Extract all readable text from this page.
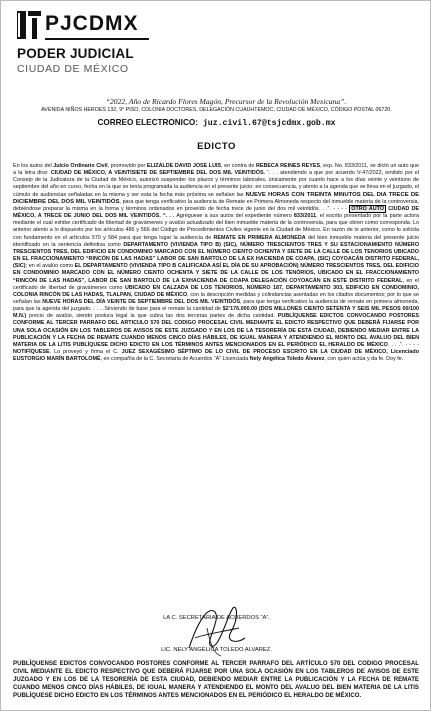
PJCDMX
PODER JUDICIAL
CIUDAD DE MÉXICO
“2022, Año de Ricardo Flores Magón, Precursor de la Revolución Mexicana”.
AVENIDA NIÑOS HEROES 132, 9° PISO, COLONIA DOCTORES, DELEGACIÓN CUAUHTEMOC, CIUDAD DE MÉXICO, CÓDIGO POSTAL 06720.
CORREO ELECTRONICO: juz.civil.67@tsjcdmx.gob.mx
EDICTO
En los autos del Juicio Ordinario Civil, promovido por ELIZALDE DAVID JOSE LUIS, en contra de REBECA REINES REYES, exp. No. 833/2011, se dictó un auto que a la letra dice: CIUDAD DE MÉXICO, A VEINTISIETE DE SEPTIEMBRE DEL DOS MIL VEINTIDÓS. “. . . atendiendo a que por acuerdo V-47/2022, emitido por el Consejo de la Judicatura de la Ciudad de México, autorizó suspender los plazos y términos laborales, únicamente por cuanto hace a los días veinte y veintiuno de septiembre del año en curso, fecha en la que se tenía programada la audiencia en el presente juicio; en consecuencia, y atento a la agenda que se lleva en el juzgado, el cúmulo de audiencias señaladas en la misma y ser esta la fecha más próxima se señalan las NUEVE HORAS CON TREINTA MINUTOS DEL DIA TRECE DE DICIEMBRE DEL DOS MIL VEINTIDÓS, para que tenga verificativo la audiencia de Remate en Primera Almoneda respecto del inmueble materia de la controversia, debiéndose preparar la misma en la forma y términos ordenados en proveído de fecha trece de junio del dos mil veintidós. . .”. - - - - OTRO AUTO CIUDAD DE MÉXICO, A TRECE DE JUNIO DEL DOS MIL VEINTIDÓS. “. . . Agréguese a sus autos del expediente número 833/2011, el escrito presentado por la parte actora mediante el cual exhibe certificado de libertad de gravámenes y avalúo actualizado del bien inmueble materia de la controversia, para que obren como corresponda. Lo anterior atento a lo dispuesto por los artículos 486 y 566 del Código de Procedimientos Civiles vigente en la Ciudad de México. En razón de lo anterior, como lo solicita con fundamento en el artículos 570 y 584 para que tenga lugar la audiencia de REMATE EN PRIMERA ALMONEDA del bien inmueble materia del presente juicio identificado en la sentencia definitiva como DEPARTAMENTO (VIVIENDA TIPO B) (SIC), NÚMERO TRESCIENTOS TRES Y SU ESTACIONAMIENTO NÚMERO TRESCIENTOS TRES, DEL EDIFICIO EN CONDOMINIO MARCADO CON EL NÚMERO CIENTO OCHENTA Y SIETE DE LA CALLE DE LOS TENORIOS UBICADO EN EL FRACCIONAMIENTO “RINCÓN DE LAS HADAS” LABOR DE SAN BARTOLO DE LA EX HACIENDA DE COAPA, (SIC) COYOACÁN DISTRITO FEDERAL, (SIC); en el avalúo como EL DEPARTAMENTO (VIVIENDA TIPO B CALIFICADA ASÍ EL DÍA DE SU APROBACIÓN) NÚMERO TRESCIENTOS TRES, DEL EDIFICIO EN CONDOMINIO MARCADO CON EL NÚMERO CIENTO OCHENTA Y SIETE DE LA CALLE DE LOS TENÓRIOS, UBICADO EN EL FRACCIONAMIENTO “RINCÓN DE LAS HADAS”, LABOR DE SAN BARTOLO DE LA EXHACIENDA DE COAPA DELEGACIÓN COYOACÁN EN ESTE DISTRITO FEDERAL, en el certificado de libertad de gravámenes como UBICADO EN CALZADA DE LOS TENORIOS, NÚMERO 187, DEPARTAMENTO 303, EDIFICIO EN CONDOMINIO, COLONIA RINCÓN DE LAS HADAS, TLALPAN, CIUDAD DE MÉXICO, con la descripción medidas y colindancias asentadas en los citados documentos; por lo que se señalan las NUEVE HORAS DEL DÍA VEINTE DE SEPTIEMBRE DEL DOS MIL VEINTIDÓS, para que tenga verificativo la audiencia de remate en primera almoneda, para que la agenda del juzgado. . . . .Sirviendo de base para el remate la cantidad de $2’176,000.00 (DOS MILLONES CIENTO SETENTA Y SEIS MIL PESOS 00/100 M.N.) precio de avalúo, siendo postura legal la que cubra las dos terceras partes de dicha cantidad. PUBLÍQUENSE EDICTOS CONVOCANDO POSTORES CONFORME AL TERCER PARRAFO DEL ARTICULO 570 DEL CODIGO PROCESAL CIVIL MEDIANTE EL EDICTO RESPECTIVO QUE DEBERÁ FIJARSE POR UNA SOLA OCASIÓN EN LOS TABLEROS DE AVISOS DE ESTE JUZGADO Y EN LOS DE LA TESORERÍA DE ESTA CIUDAD, DEBIENDO MEDIAR ENTRE LA PUBLICACIÓN Y LA FECHA DE REMATE CUANDO MENOS CINCO DÍAS HÁBILES, DE IGUAL MANERA Y ATENDIENDO EL MONTO DEL AVALUO DEL BIEN MATERIA DE LA LITIS PUBLÍQUESE DICHO EDICTO EN LOS TÉRMINOS ANTES MENCIONADOS EN EL PERIÓDICO EL HERALDO DE MÉXICO. . . .”. - - - - NOTIFÍQUESE. Lo proveyó y firma el C. JUEZ SEXAGÉSIMO SÉPTIMO DE LO CIVIL DE PROCESO ESCRITO EN LA CIUDAD DE MÉXICO, Licenciado EUSTORGIO MARÍN BARTOLOMÉ, en compañía de la C. Secretaria de Acuerdos “A” Licenciada Nely Angélica Toledo Álvarez, con quien actúa y da fe. Doy fe.
LA C. SECRETARIA DE ACUERDOS “A”.
LIC. NELY ANGÉLICA TOLEDO ALVAREZ.
PUBLÍQUENSE EDICTOS CONVOCANDO POSTORES CONFORME AL TERCER PARRAFO DEL ARTÍCULO 570 DEL CODIGO PROCESAL CIVIL MEDIANTE EL EDICTO RESPECTIVO QUE DEBERÁ FIJARSE POR UNA SOLA OCASIÓN EN LOS TABLEROS DE AVISOS DE ESTE JUZGADO Y EN LOS DE LA TESORERÍA DE ESTA CIUDAD, DEBIENDO MEDIAR ENTRE LA PUBLICACIÓN Y LA FECHA DE REMATE CUANDO MENOS CINCO DÍAS HÁBILES, DE IGUAL MANERA Y ATENDIENDO EL MONTO DEL AVALUO DEL BIEN MATERIA DE LA LITIS PUBLÍQUESE DICHO EDICTO EN LOS TÉRMINOS ANTES MENCIONADOS EN EL PERIÓDICO EL HERALDO DE MÉXICO.
